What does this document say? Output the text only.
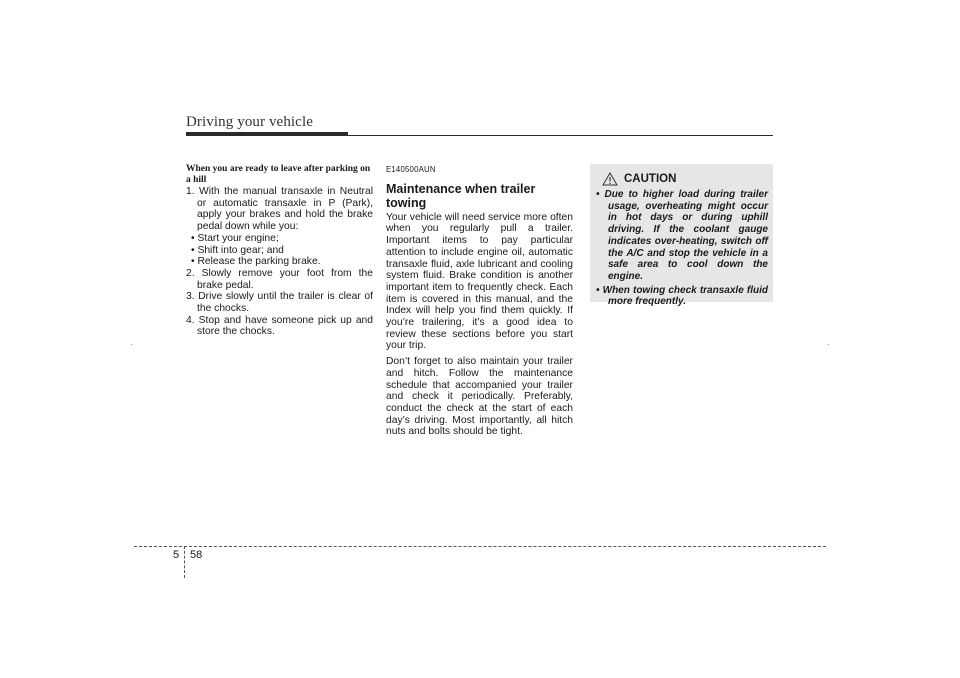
Driving your vehicle
When you are ready to leave after parking on a hill
1. With the manual transaxle in Neutral or automatic transaxle in P (Park), apply your brakes and hold the brake pedal down while you:
• Start your engine;
• Shift into gear; and
• Release the parking brake.
2. Slowly remove your foot from the brake pedal.
3. Drive slowly until the trailer is clear of the chocks.
4. Stop and have someone pick up and store the chocks.
E140500AUN
Maintenance when trailer towing

Your vehicle will need service more often when you regularly pull a trailer. Important items to pay particular attention to include engine oil, automatic transaxle fluid, axle lubricant and cooling system fluid. Brake condition is another important item to frequently check. Each item is covered in this manual, and the Index will help you find them quickly. If you’re trailering, it’s a good idea to review these sections before you start your trip.

Don’t forget to also maintain your trailer and hitch. Follow the maintenance schedule that accompanied your trailer and check it periodically. Preferably, conduct the check at the start of each day’s driving. Most importantly, all hitch nuts and bolts should be tight.

CAUTION
• Due to higher load during trailer usage, overheating might occur in hot days or during uphill driving. If the coolant gauge indicates over-heating, switch off the A/C and stop the vehicle in a safe area to cool down the engine.
• When towing check transaxle fluid more frequently.
5 58
